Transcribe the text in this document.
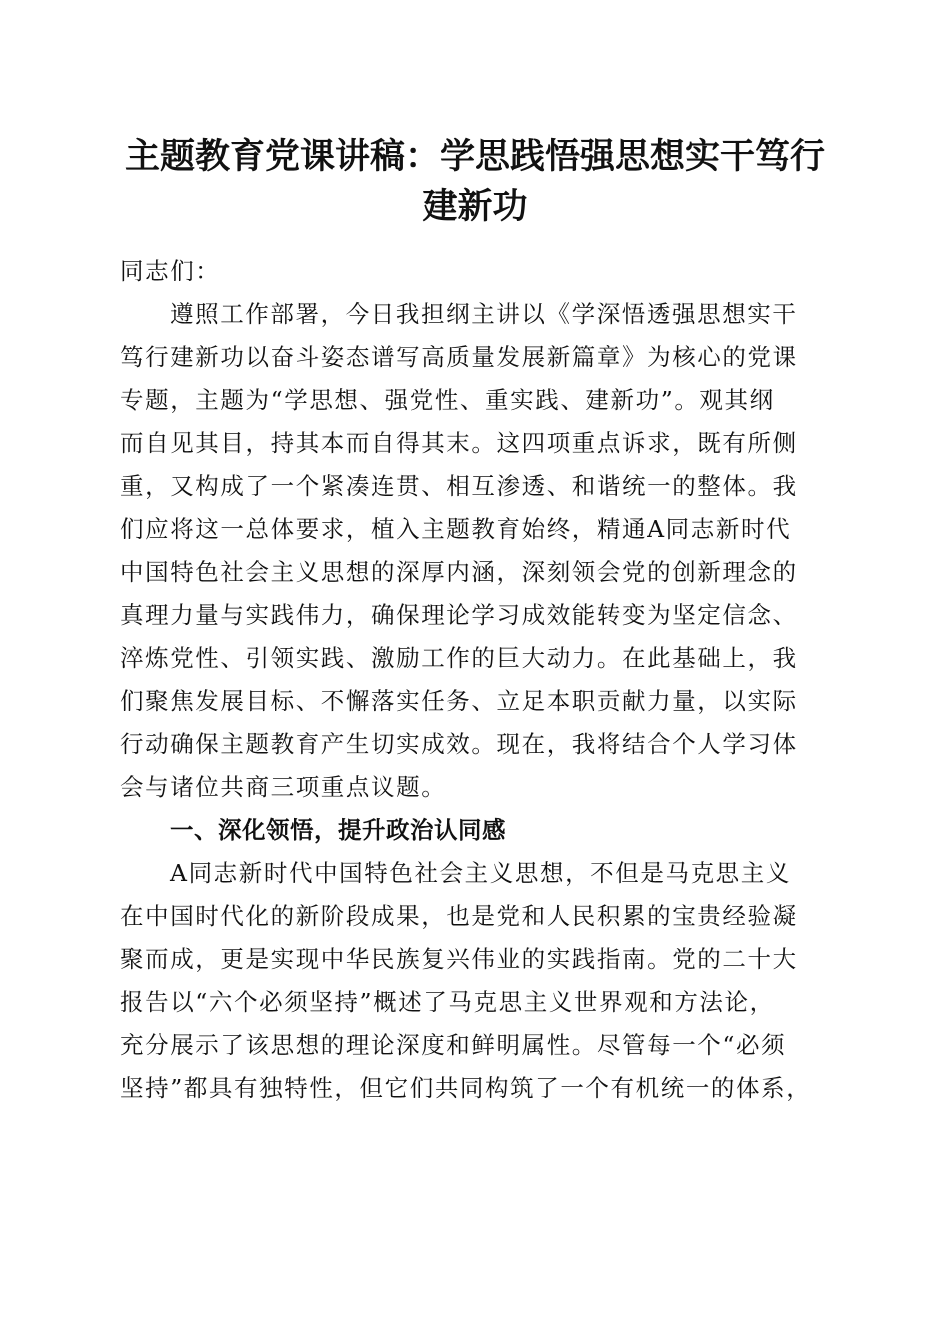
主题教育党课讲稿：学思践悟强思想实干笃行
建新功
同志们：
遵照工作部署，今日我担纲主讲以《学深悟透强思想实干
笃行建新功以奋斗姿态谱写高质量发展新篇章》为核心的党课
专题，主题为“学思想、强党性、重实践、建新功”。观其纲
而自见其目，持其本而自得其末。这四项重点诉求，既有所侧
重，又构成了一个紧凑连贯、相互渗透、和谐统一的整体。我
们应将这一总体要求，植入主题教育始终，精通A同志新时代
中国特色社会主义思想的深厚内涵，深刻领会党的创新理念的
真理力量与实践伟力，确保理论学习成效能转变为坚定信念、
淬炼党性、引领实践、激励工作的巨大动力。在此基础上，我
们聚焦发展目标、不懈落实任务、立足本职贡献力量，以实际
行动确保主题教育产生切实成效。现在，我将结合个人学习体
会与诸位共商三项重点议题。
一、深化领悟，提升政治认同感
A同志新时代中国特色社会主义思想，不但是马克思主义
在中国时代化的新阶段成果，也是党和人民积累的宝贵经验凝
聚而成，更是实现中华民族复兴伟业的实践指南。党的二十大
报告以“六个必须坚持”概述了马克思主义世界观和方法论，
充分展示了该思想的理论深度和鲜明属性。尽管每一个“必须
坚持”都具有独特性，但它们共同构筑了一个有机统一的体系，
